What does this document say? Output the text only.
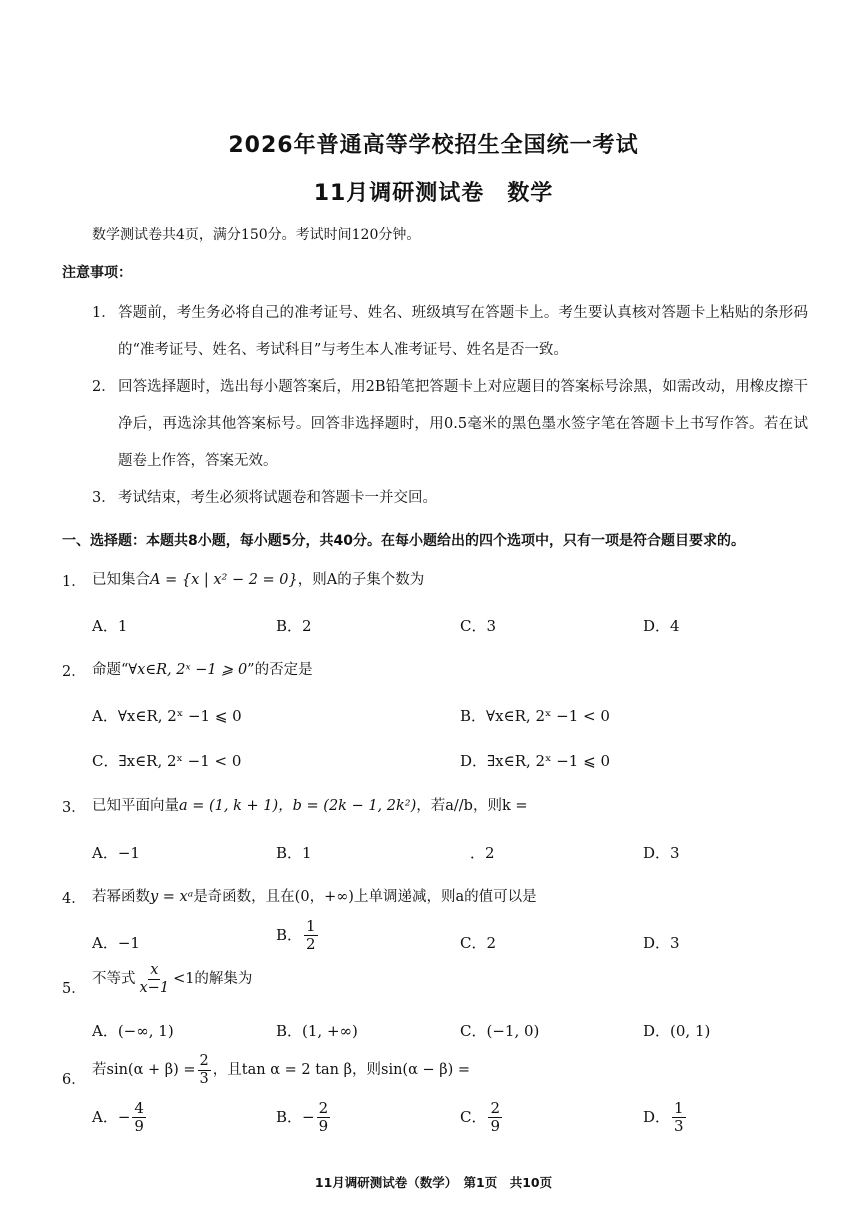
2026年普通高等学校招生全国统一考试
11月调研测试卷　数学
数学测试卷共4页，满分150分。考试时间120分钟。
注意事项：
1． 答题前，考生务必将自己的准考证号、姓名、班级填写在答题卡上。考生要认真核对答题卡上粘贴的条形码的“准考证号、姓名、考试科目”与考生本人准考证号、姓名是否一致。
2． 回答选择题时，选出每小题答案后，用2B铅笔把答题卡上对应题目的答案标号涂黑，如需改动，用橡皮擦干净后，再选涂其他答案标号。回答非选择题时，用0.5毫米的黑色墨水签字笔在答题卡上书写作答。若在试题卷上作答，答案无效。
3． 考试结束，考生必须将试题卷和答题卡一并交回。
一、选择题：本题共8小题，每小题5分，共40分。在每小题给出的四个选项中，只有一项是符合题目要求的。
1． 已知集合A = {x | x² − 2 = 0}，则A的子集个数为
A．1	B．2	C．3	D．4
2． 命题“∀x∈R, 2ˣ −1 ⩾ 0”的否定是
A．∀x∈R, 2ˣ −1 ⩽ 0	B．∀x∈R, 2ˣ −1 < 0
C．∃x∈R, 2ˣ −1 < 0	D．∃x∈R, 2ˣ −1 ⩽ 0
3． 已知平面向量a = (1, k + 1)，b = (2k − 1, 2k²)，若a//b，则k =
A．−1	B．1	．2	D．3
4． 若幂函数y = xᵃ是奇函数，且在(0，+∞)上单调递减，则a的值可以是
A．−1	B． $\frac{1}{2}$	C．2	D．3
5．
不等式 $\frac{x}{x-1} <1$的解集为
A．(−∞, 1)	B．(1, +∞)	C．(−1, 0)	D．(0, 1)
6．
若$\sin(\alpha + \beta) = \frac{2}{3}$ ，且tan α = 2 tan β，则sin(α − β) =
A．− $\frac{4}{9}$	B．− $\frac{2}{9}$	C． $\frac{2}{9}$	D． $\frac{1}{3}$
11月调研测试卷（数学）　第1页　共10页
